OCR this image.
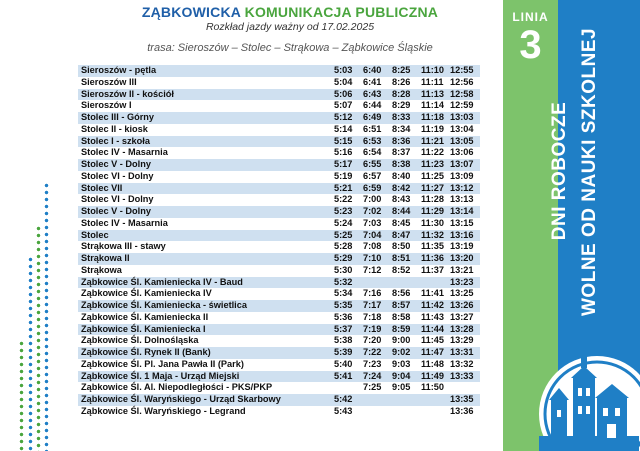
ZĄBKOWICKA KOMUNIKACJA PUBLICZNA
Rozkład jazdy ważny od 17.02.2025
trasa: Sieroszów – Stolec – Strąkowa – Ząbkowice Śląskie
Sieroszów - pętla	5:03	6:40	8:25	11:10	12:55
Sieroszów III	5:04	6:41	8:26	11:11	12:56
Sieroszów II - kościół	5:06	6:43	8:28	11:13	12:58
Sieroszów I	5:07	6:44	8:29	11:14	12:59
Stolec III - Górny	5:12	6:49	8:33	11:18	13:03
Stolec II - kiosk	5:14	6:51	8:34	11:19	13:04
Stolec I - szkoła	5:15	6:53	8:36	11:21	13:05
Stolec IV - Masarnia	5:16	6:54	8:37	11:22	13:06
Stolec V - Dolny	5:17	6:55	8:38	11:23	13:07
Stolec VI - Dolny	5:19	6:57	8:40	11:25	13:09
Stolec VII	5:21	6:59	8:42	11:27	13:12
Stolec VI - Dolny	5:22	7:00	8:43	11:28	13:13
Stolec V - Dolny	5:23	7:02	8:44	11:29	13:14
Stolec IV - Masarnia	5:24	7:03	8:45	11:30	13:15
Stolec	5:25	7:04	8:47	11:32	13:16
Strąkowa III - stawy	5:28	7:08	8:50	11:35	13:19
Strąkowa II	5:29	7:10	8:51	11:36	13:20
Strąkowa	5:30	7:12	8:52	11:37	13:21
Ząbkowice Śl. Kamieniecka IV - Baud	5:32				13:23
Ząbkowice Śl. Kamieniecka IV	5:34	7:16	8:56	11:41	13:25
Ząbkowice Śl. Kamieniecka - świetlica	5:35	7:17	8:57	11:42	13:26
Ząbkowice Śl. Kamieniecka II	5:36	7:18	8:58	11:43	13:27
Ząbkowice Śl. Kamieniecka I	5:37	7:19	8:59	11:44	13:28
Ząbkowice Śl. Dolnośląska	5:38	7:20	9:00	11:45	13:29
Ząbkowice Śl. Rynek II (Bank)	5:39	7:22	9:02	11:47	13:31
Ząbkowice Śl. Pl. Jana Pawła II (Park)	5:40	7:23	9:03	11:48	13:32
Ząbkowice Śl. 1 Maja - Urząd Miejski	5:41	7:24	9:04	11:49	13:33
Ząbkowice Śl. Al. Niepodległości - PKS/PKP		7:25	9:05	11:50	
Ząbkowice Śl. Waryńskiego - Urząd Skarbowy	5:42				13:35
Ząbkowice Śl. Waryńskiego - Legrand	5:43				13:36
LINIA
3
DNI ROBOCZE WOLNE OD NAUKI SZKOLNEJ
